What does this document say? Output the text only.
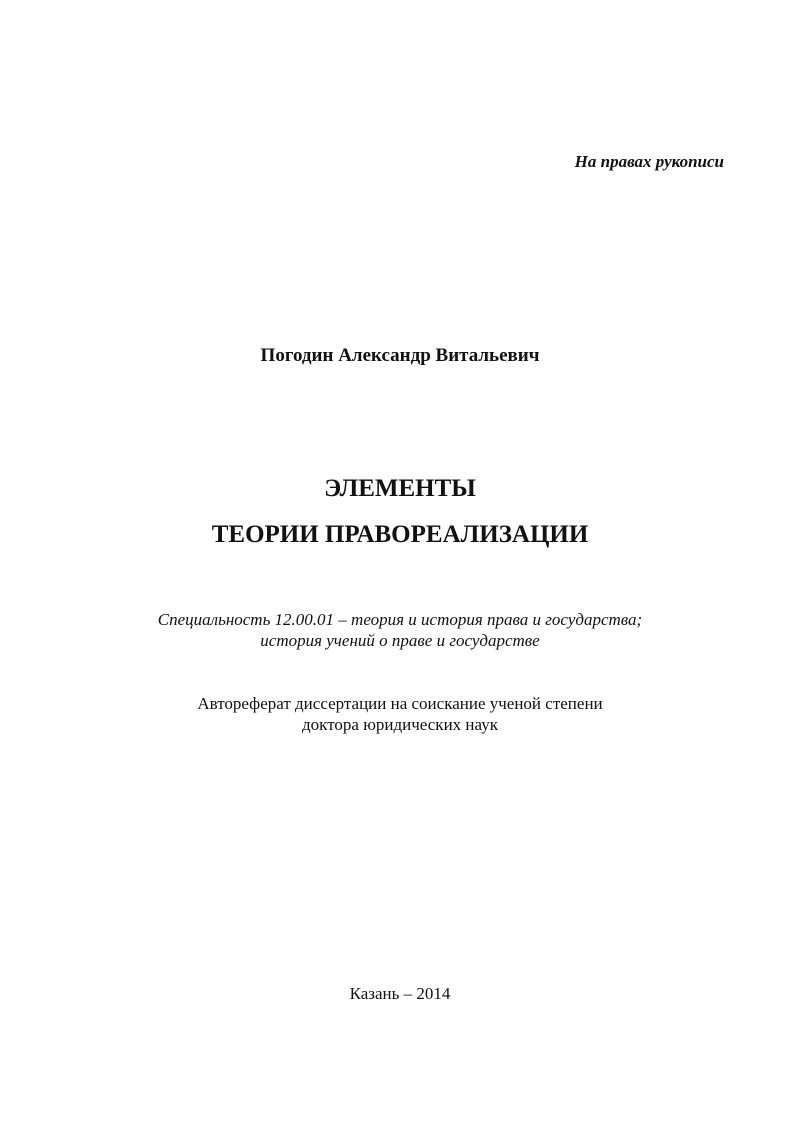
На правах рукописи
Погодин Александр Витальевич
ЭЛЕМЕНТЫ
ТЕОРИИ ПРАВОРЕАЛИЗАЦИИ
Специальность 12.00.01 – теория и история права и государства;
история учений о праве и государстве
Автореферат диссертации на соискание ученой степени
доктора юридических наук
Казань – 2014
